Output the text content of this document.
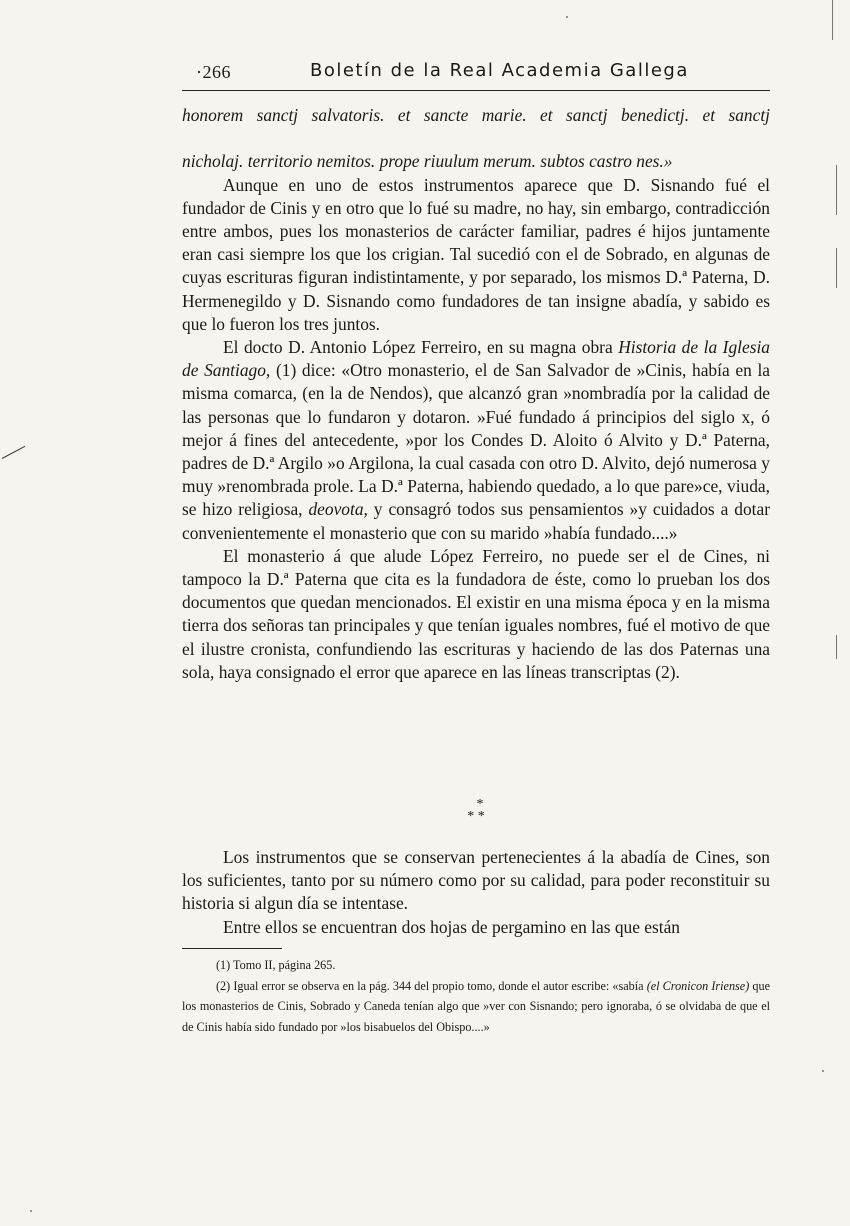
·266	Boletín de la Real Academia Gallega

honorem sanctj salvatoris. et sancte marie. et sanctj benedictj. et sanctj

nicholaj. territorio nemitos. prope riuulum merum. subtos castro nes.»

Aunque en uno de estos instrumentos aparece que D. Sisnando fué el fundador de Cinis y en otro que lo fué su madre, no hay, sin embargo, contradicción entre ambos, pues los monasterios de carácter familiar, padres é hijos juntamente eran casi siempre los que los crigian. Tal sucedió con el de Sobrado, en algunas de cuyas escrituras figuran indistintamente, y por separado, los mismos D.ª Paterna, D. Hermenegildo y D. Sisnando como fundadores de tan insigne abadía, y sabido es que lo fueron los tres juntos.

El docto D. Antonio López Ferreiro, en su magna obra Historia de la Iglesia de Santiago, (1) dice: «Otro monasterio, el de San Salvador de »Cinis, había en la misma comarca, (en la de Nendos), que alcanzó gran »nombradía por la calidad de las personas que lo fundaron y dotaron. »Fué fundado á principios del siglo x, ó mejor á fines del antecedente, »por los Condes D. Aloito ó Alvito y D.ª Paterna, padres de D.ª Argilo »o Argilona, la cual casada con otro D. Alvito, dejó numerosa y muy »renombrada prole. La D.ª Paterna, habiendo quedado, a lo que pare»ce, viuda, se hizo religiosa, deovota, y consagró todos sus pensamientos »y cuidados a dotar convenientemente el monasterio que con su marido »había fundado....»

El monasterio á que alude López Ferreiro, no puede ser el de Cines, ni tampoco la D.ª Paterna que cita es la fundadora de éste, como lo prueban los dos documentos que quedan mencionados. El existir en una misma época y en la misma tierra dos señoras tan principales y que tenían iguales nombres, fué el motivo de que el ilustre cronista, confundiendo las escrituras y haciendo de las dos Paternas una sola, haya consignado el error que aparece en las líneas transcriptas (2).

*
* *

Los instrumentos que se conservan pertenecientes á la abadía de Cines, son los suficientes, tanto por su número como por su calidad, para poder reconstituir su historia si algun día se intentase.

Entre ellos se encuentran dos hojas de pergamino en las que están

(1) Tomo II, página 265.

(2) Igual error se observa en la pág. 344 del propio tomo, donde el autor escribe: «sabía (el Cronicon Iriense) que los monasterios de Cinis, Sobrado y Caneda tenían algo que »ver con Sisnando; pero ignoraba, ó se olvidaba de que el de Cinis había sido fundado por »los bisabuelos del Obispo....»
